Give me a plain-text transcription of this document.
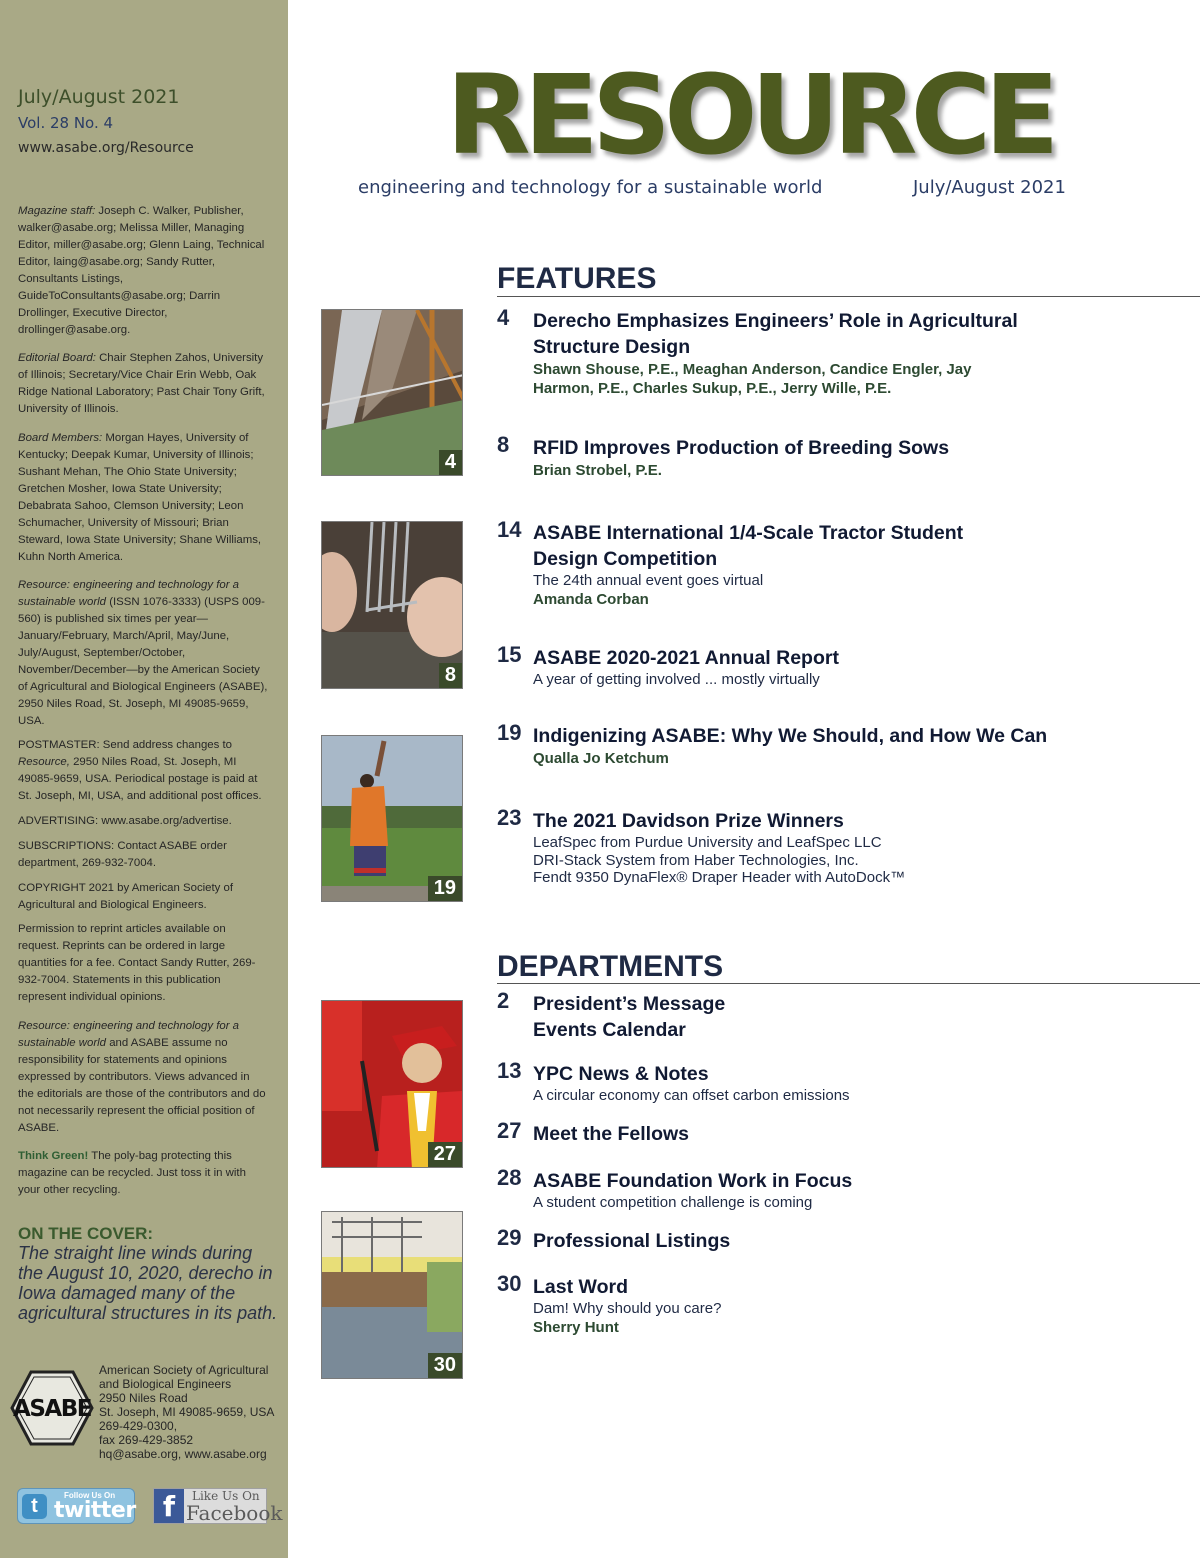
July/August 2021
Vol. 28 No. 4
www.asabe.org/Resource
Magazine staff: Joseph C. Walker, Publisher, walker@asabe.org; Melissa Miller, Managing Editor, miller@asabe.org; Glenn Laing, Technical Editor, laing@asabe.org; Sandy Rutter, Consultants Listings, GuideToConsultants@asabe.org; Darrin Drollinger, Executive Director, drollinger@asabe.org.
Editorial Board: Chair Stephen Zahos, University of Illinois; Secretary/Vice Chair Erin Webb, Oak Ridge National Laboratory; Past Chair Tony Grift, University of Illinois.
Board Members: Morgan Hayes, University of Kentucky; Deepak Kumar, University of Illinois; Sushant Mehan, The Ohio State University; Gretchen Mosher, Iowa State University; Debabrata Sahoo, Clemson University; Leon Schumacher, University of Missouri; Brian Steward, Iowa State University; Shane Williams, Kuhn North America.
Resource: engineering and technology for a sustainable world (ISSN 1076-3333) (USPS 009-560) is published six times per year—January/February, March/April, May/June, July/August, September/October, November/December—by the American Society of Agricultural and Biological Engineers (ASABE), 2950 Niles Road, St. Joseph, MI 49085-9659, USA.
POSTMASTER: Send address changes to Resource, 2950 Niles Road, St. Joseph, MI 49085-9659, USA. Periodical postage is paid at St. Joseph, MI, USA, and additional post offices.
ADVERTISING: www.asabe.org/advertise.
SUBSCRIPTIONS: Contact ASABE order department, 269-932-7004.
COPYRIGHT 2021 by American Society of Agricultural and Biological Engineers.
Permission to reprint articles available on request. Reprints can be ordered in large quantities for a fee. Contact Sandy Rutter, 269-932-7004. Statements in this publication represent individual opinions.
Resource: engineering and technology for a sustainable world and ASABE assume no responsibility for statements and opinions expressed by contributors. Views advanced in the editorials are those of the contributors and do not necessarily represent the official position of ASABE.
Think Green! The poly-bag protecting this magazine can be recycled. Just toss it in with your other recycling.
ON THE COVER:
The straight line winds during the August 10, 2020, derecho in Iowa damaged many of the agricultural structures in its path.
ASABE
American Society of Agricultural
and Biological Engineers
2950 Niles Road
St. Joseph, MI 49085-9659, USA
269-429-0300,
fax 269-429-3852
hq@asabe.org, www.asabe.org
t	Follow Us On
twitter f	Like Us On
Facebook
RESOURCE
engineering and technology for a sustainable world	July/August 2021
FEATURES
4 Derecho Emphasizes Engineers’ Role in Agricultural Structure Design
Shawn Shouse, P.E., Meaghan Anderson, Candice Engler, Jay Harmon, P.E., Charles Sukup, P.E., Jerry Wille, P.E.
8 RFID Improves Production of Breeding Sows
Brian Strobel, P.E.
14 ASABE International 1/4-Scale Tractor Student Design Competition
The 24th annual event goes virtual
Amanda Corban
15 ASABE 2020-2021 Annual Report
A year of getting involved ... mostly virtually
19 Indigenizing ASABE: Why We Should, and How We Can
Qualla Jo Ketchum
23 The 2021 Davidson Prize Winners
LeafSpec from Purdue University and LeafSpec LLC
DRI-Stack System from Haber Technologies, Inc.
Fendt 9350 DynaFlex® Draper Header with AutoDock™
DEPARTMENTS
2 President’s Message
Events Calendar
13 YPC News & Notes
A circular economy can offset carbon emissions
27 Meet the Fellows
28 ASABE Foundation Work in Focus
A student competition challenge is coming
29 Professional Listings
30 Last Word
Dam! Why should you care?
Sherry Hunt
4
8
19
27
30
